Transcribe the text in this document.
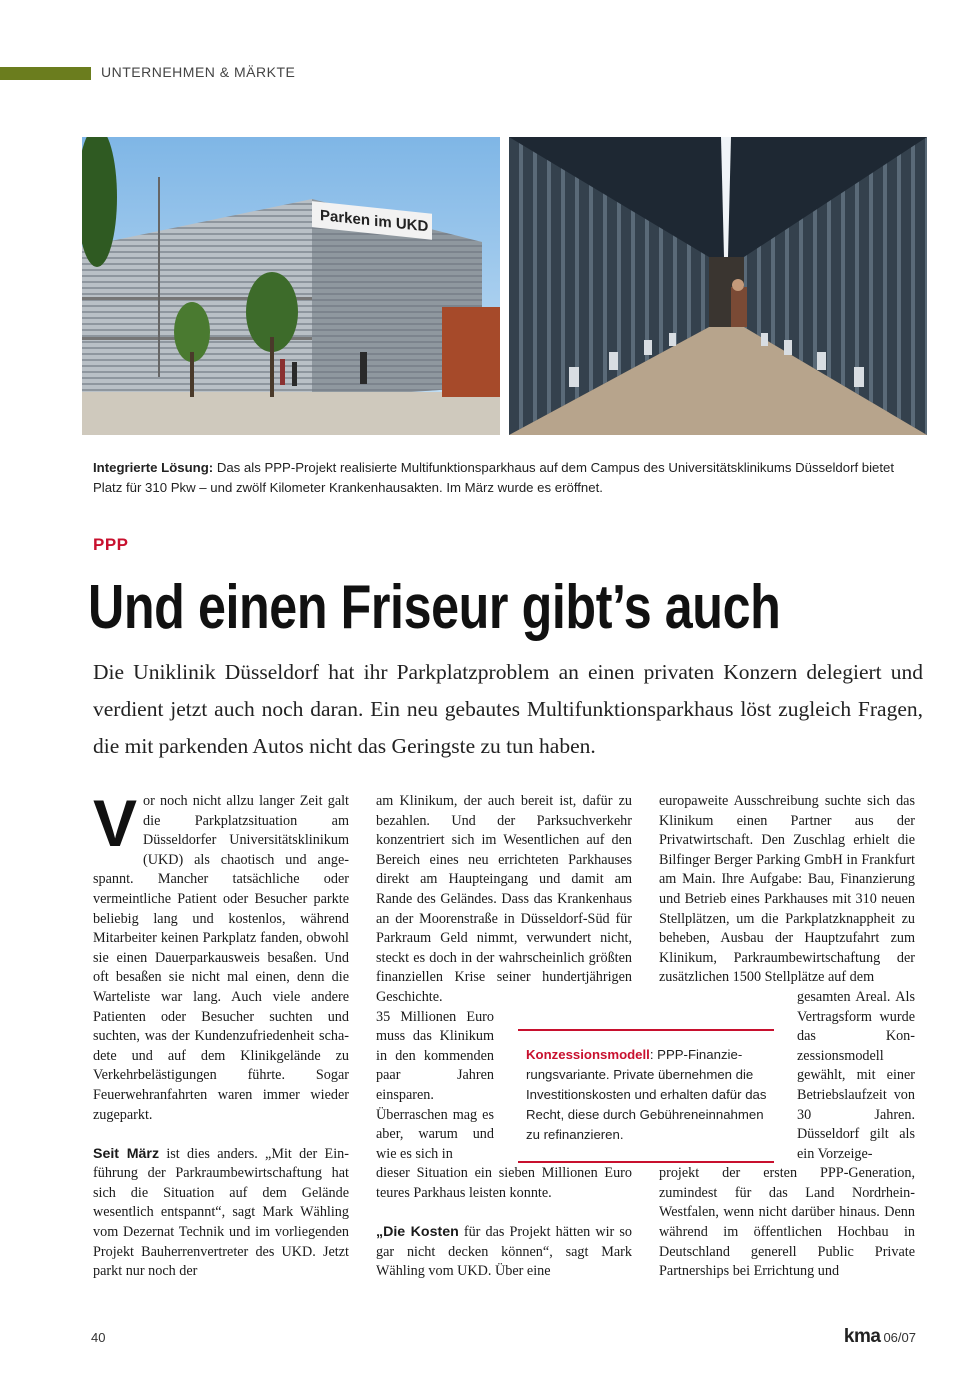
UNTERNEHMEN & MÄRKTE
Parken im UKD
Integrierte Lösung: Das als PPP-Projekt realisierte Multifunktionsparkhaus auf dem Campus des Universitätsklinikums Düsseldorf bietet Platz für 310 Pkw – und zwölf Kilometer Krankenhausakten. Im März wurde es eröffnet.
PPP
Und einen Friseur gibt’s auch
Die Uniklinik Düsseldorf hat ihr Parkplatzproblem an einen privaten Konzern delegiert und verdient jetzt auch noch daran. Ein neu gebautes Multifunktionsparkhaus löst zugleich Fragen, die mit parkenden Autos nicht das Geringste zu tun haben.

Vor noch nicht allzu langer Zeit galt die Parkplatzsituation am Düsseldorfer Universitätsklinikum (UKD) als chaotisch und angespannt. Mancher tatsächliche oder vermeintliche Patient oder Besucher parkte beliebig lang und kostenlos, während Mitarbeiter keinen Parkplatz fanden, obwohl sie einen Dauerparkausweis besaßen. Und oft besaßen sie nicht mal einen, denn die Warteliste war lang. Auch viele andere Patienten oder Besucher suchten und suchten, was der Kundenzufriedenheit schadete und auf dem Klinikgelände zu Verkehrbelästigungen führte. Sogar Feuerwehranfahrten waren immer wieder zugeparkt.

Seit März ist dies anders. „Mit der Einführung der Parkraumbewirtschaftung hat sich die Situation auf dem Gelände wesentlich entspannt“, sagt Mark Wähling vom Dezernat Technik und im vorliegenden Projekt Bauherrenvertreter des UKD. Jetzt parkt nur noch der

am Klinikum, der auch bereit ist, dafür zu bezahlen. Und der Parksuchverkehr konzentriert sich im Wesentlichen auf den Bereich eines neu errichteten Parkhauses direkt am Haupteingang und damit am Rande des Geländes. Dass das Krankenhaus an der Moorenstraße in Düsseldorf-Süd für Parkraum Geld nimmt, verwundert nicht, steckt es doch in der wahrscheinlich größten finanziellen Krise seiner hundertjährigen Geschichte.

35 Millionen Euro muss das Klinikum in den kommenden paar Jahren einsparen. Überraschen mag es aber, warum und wie es sich in

dieser Situation ein sieben Millionen Euro teures Parkhaus leisten konnte.

„Die Kosten für das Projekt hätten wir so gar nicht decken können“, sagt Mark Wähling vom UKD. Über eine

europaweite Ausschreibung suchte sich das Klinikum einen Partner aus der Privatwirtschaft. Den Zuschlag erhielt die Bilfinger Berger Parking GmbH in Frankfurt am Main. Ihre Aufgabe: Bau, Finanzierung und Betrieb eines Parkhauses mit 310 neuen Stellplätzen, um die Parkplatzknappheit zu beheben, Ausbau der Hauptzufahrt zum Klinikum, Parkraumbewirtschaftung der zusätzlichen 1500 Stellplätze auf dem

gesamten Areal. Als Vertragsform wurde das Konzessionsmodell gewählt, mit einer Betriebslaufzeit von 30 Jahren. Düsseldorf gilt als ein Vorzeige-

projekt der ersten PPP-Generation, zumindest für das Land Nordrhein-Westfalen, wenn nicht darüber hinaus. Denn während im öffentlichen Hochbau in Deutschland generell Public Private Partnerships bei Errichtung und

Konzessionsmodell: PPP-Finanzierungsvariante. Private übernehmen die Investitionskosten und erhalten dafür das Recht, diese durch Gebühreneinnahmen zu refinanzieren.
40	kma 06/07
